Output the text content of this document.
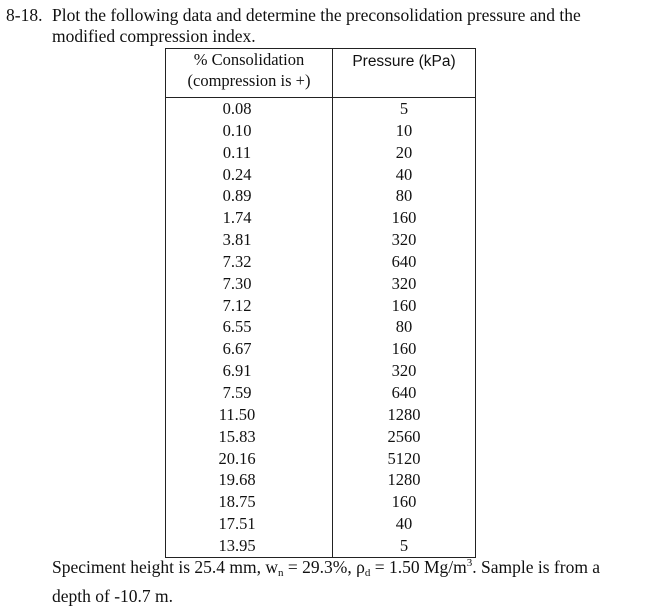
8-18. Plot the following data and determine the preconsolidation pressure and the
modified compression index.
% Consolidation
(compression is +)	Pressure (kPa)
0.08	5
0.10	10
0.11	20
0.24	40
0.89	80
1.74	160
3.81	320
7.32	640
7.30	320
7.12	160
6.55	80
6.67	160
6.91	320
7.59	640
11.50	1280
15.83	2560
20.16	5120
19.68	1280
18.75	160
17.51	40
13.95	5
Speciment height is 25.4 mm, $w_n = 29.3\%$, $\rho_d = 1.50$ $Mg/m^3$. Sample is from a
depth of -10.7 m.
